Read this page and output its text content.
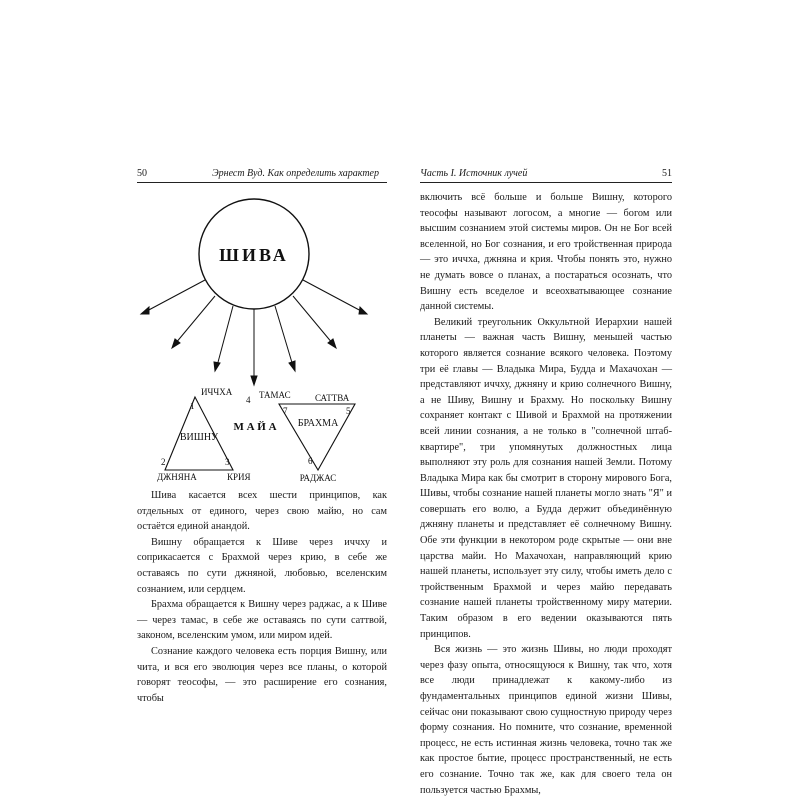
50	Эрнест Вуд. Как определить характер
ШИВА
ИЧЧХА
1
ВИШНУ
2	3
ДЖНЯНА	КРИЯ
4 ТАМАС
М А Й А
САТТВА
7	5
БРАХМА
6
РАДЖАС

Шива касается всех шести принципов, как отдельных от единого, через свою майю, но сам остаётся единой анандой.

Вишну обращается к Шиве через иччху и соприкасается с Брахмой через крию, в себе же оставаясь по сути джняной, любовью, вселенским сознанием, или сердцем.

Брахма обращается к Вишну через раджас, а к Шиве — через тамас, в себе же оставаясь по сути саттвой, законом, вселенским умом, или миром идей.

Сознание каждого человека есть порция Вишну, или чита, и вся его эволюция через все планы, о которой говорят теософы, — это расширение его сознания, чтобы

Часть I. Источник лучей	51

включить всё больше и больше Вишну, которого теософы называют логосом, а многие — богом или высшим сознанием этой системы миров. Он не Бог всей вселенной, но Бог сознания, и его тройственная природа — это иччха, джняна и крия. Чтобы понять это, нужно не думать вовсе о планах, а постараться осознать, что Вишну есть вседелое и всеохватывающее сознание данной системы.

Великий треугольник Оккультной Иерархии нашей планеты — важная часть Вишну, меньшей частью которого является сознание всякого человека. Поэтому три её главы — Владыка Мира, Будда и Махачохан — представляют иччху, джняну и крию солнечного Вишну, а не Шиву, Вишну и Брахму. Но поскольку Вишну сохраняет контакт с Шивой и Брахмой на протяжении всей линии сознания, а не только в "солнечной штаб-квартире", три упомянутых должностных лица выполняют эту роль для сознания нашей Земли. Потому Владыка Мира как бы смотрит в сторону мирового Бога, Шивы, чтобы сознание нашей планеты могло знать "Я" и совершать его волю, а Будда держит объединённую джняну планеты и представляет её солнечному Вишну. Обе эти функции в некотором роде скрытые — они вне царства майи. Но Махачохан, направляющий крию нашей планеты, использует эту силу, чтобы иметь дело с тройственным Брахмой и через майю передавать сознание нашей планеты тройственному миру материи. Таким образом в его ведении оказываются пять принципов.

Вся жизнь — это жизнь Шивы, но люди проходят через фазу опыта, относящуюся к Вишну, так что, хотя все люди принадлежат к какому-либо из фундаментальных принципов единой жизни Шивы, сейчас они показывают свою сущностную природу через форму сознания. Но помните, что сознание, временной процесс, не есть истинная жизнь человека, точно так же как простое бытие, процесс пространственный, не есть его сознание. Точно так же, как для своего тела он пользуется частью Брахмы,
